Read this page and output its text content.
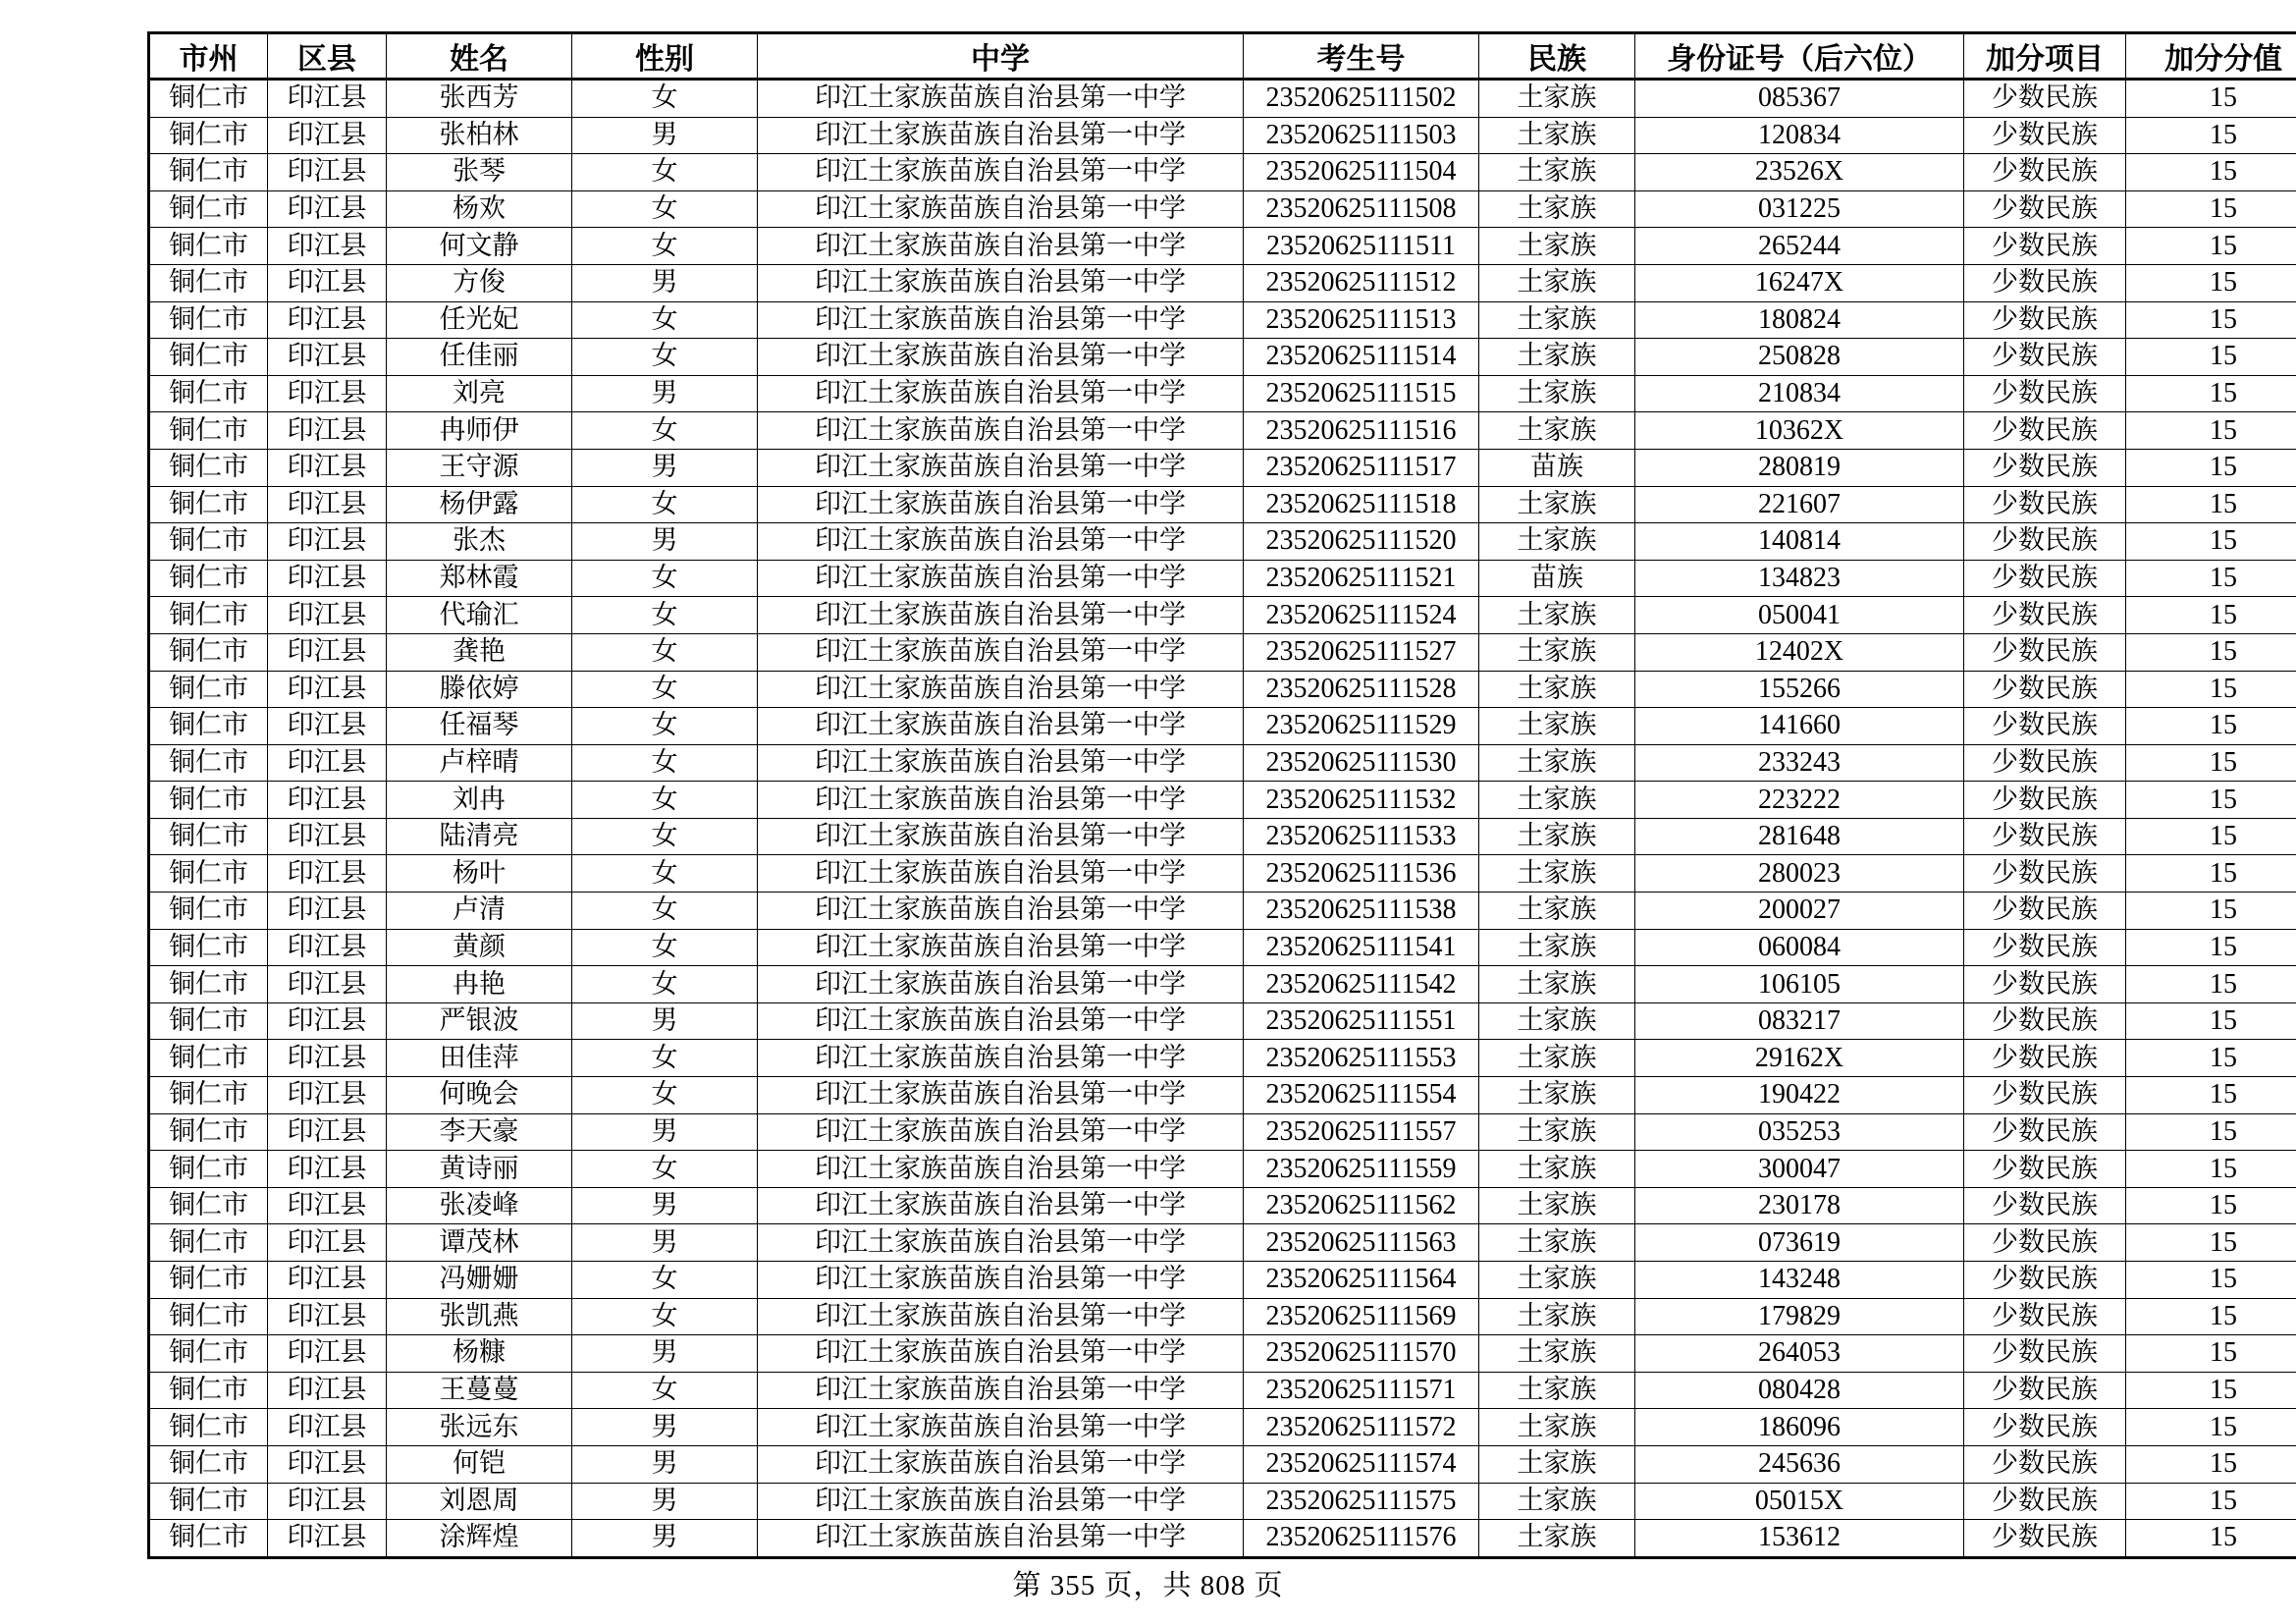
市州	区县	姓名	性别	中学	考生号	民族	身份证号（后六位）	加分项目	加分分值
铜仁市	印江县	张西芳	女	印江土家族苗族自治县第一中学	23520625111502	土家族	085367	少数民族	15
铜仁市	印江县	张柏林	男	印江土家族苗族自治县第一中学	23520625111503	土家族	120834	少数民族	15
铜仁市	印江县	张琴	女	印江土家族苗族自治县第一中学	23520625111504	土家族	23526X	少数民族	15
铜仁市	印江县	杨欢	女	印江土家族苗族自治县第一中学	23520625111508	土家族	031225	少数民族	15
铜仁市	印江县	何文静	女	印江土家族苗族自治县第一中学	23520625111511	土家族	265244	少数民族	15
铜仁市	印江县	方俊	男	印江土家族苗族自治县第一中学	23520625111512	土家族	16247X	少数民族	15
铜仁市	印江县	任光妃	女	印江土家族苗族自治县第一中学	23520625111513	土家族	180824	少数民族	15
铜仁市	印江县	任佳丽	女	印江土家族苗族自治县第一中学	23520625111514	土家族	250828	少数民族	15
铜仁市	印江县	刘亮	男	印江土家族苗族自治县第一中学	23520625111515	土家族	210834	少数民族	15
铜仁市	印江县	冉师伊	女	印江土家族苗族自治县第一中学	23520625111516	土家族	10362X	少数民族	15
铜仁市	印江县	王守源	男	印江土家族苗族自治县第一中学	23520625111517	苗族	280819	少数民族	15
铜仁市	印江县	杨伊露	女	印江土家族苗族自治县第一中学	23520625111518	土家族	221607	少数民族	15
铜仁市	印江县	张杰	男	印江土家族苗族自治县第一中学	23520625111520	土家族	140814	少数民族	15
铜仁市	印江县	郑林霞	女	印江土家族苗族自治县第一中学	23520625111521	苗族	134823	少数民族	15
铜仁市	印江县	代瑜汇	女	印江土家族苗族自治县第一中学	23520625111524	土家族	050041	少数民族	15
铜仁市	印江县	龚艳	女	印江土家族苗族自治县第一中学	23520625111527	土家族	12402X	少数民族	15
铜仁市	印江县	滕依婷	女	印江土家族苗族自治县第一中学	23520625111528	土家族	155266	少数民族	15
铜仁市	印江县	任福琴	女	印江土家族苗族自治县第一中学	23520625111529	土家族	141660	少数民族	15
铜仁市	印江县	卢梓晴	女	印江土家族苗族自治县第一中学	23520625111530	土家族	233243	少数民族	15
铜仁市	印江县	刘冉	女	印江土家族苗族自治县第一中学	23520625111532	土家族	223222	少数民族	15
铜仁市	印江县	陆清亮	女	印江土家族苗族自治县第一中学	23520625111533	土家族	281648	少数民族	15
铜仁市	印江县	杨叶	女	印江土家族苗族自治县第一中学	23520625111536	土家族	280023	少数民族	15
铜仁市	印江县	卢清	女	印江土家族苗族自治县第一中学	23520625111538	土家族	200027	少数民族	15
铜仁市	印江县	黄颜	女	印江土家族苗族自治县第一中学	23520625111541	土家族	060084	少数民族	15
铜仁市	印江县	冉艳	女	印江土家族苗族自治县第一中学	23520625111542	土家族	106105	少数民族	15
铜仁市	印江县	严银波	男	印江土家族苗族自治县第一中学	23520625111551	土家族	083217	少数民族	15
铜仁市	印江县	田佳萍	女	印江土家族苗族自治县第一中学	23520625111553	土家族	29162X	少数民族	15
铜仁市	印江县	何晚会	女	印江土家族苗族自治县第一中学	23520625111554	土家族	190422	少数民族	15
铜仁市	印江县	李天豪	男	印江土家族苗族自治县第一中学	23520625111557	土家族	035253	少数民族	15
铜仁市	印江县	黄诗丽	女	印江土家族苗族自治县第一中学	23520625111559	土家族	300047	少数民族	15
铜仁市	印江县	张凌峰	男	印江土家族苗族自治县第一中学	23520625111562	土家族	230178	少数民族	15
铜仁市	印江县	谭茂林	男	印江土家族苗族自治县第一中学	23520625111563	土家族	073619	少数民族	15
铜仁市	印江县	冯姗姗	女	印江土家族苗族自治县第一中学	23520625111564	土家族	143248	少数民族	15
铜仁市	印江县	张凯燕	女	印江土家族苗族自治县第一中学	23520625111569	土家族	179829	少数民族	15
铜仁市	印江县	杨糠	男	印江土家族苗族自治县第一中学	23520625111570	土家族	264053	少数民族	15
铜仁市	印江县	王蔓蔓	女	印江土家族苗族自治县第一中学	23520625111571	土家族	080428	少数民族	15
铜仁市	印江县	张远东	男	印江土家族苗族自治县第一中学	23520625111572	土家族	186096	少数民族	15
铜仁市	印江县	何铠	男	印江土家族苗族自治县第一中学	23520625111574	土家族	245636	少数民族	15
铜仁市	印江县	刘恩周	男	印江土家族苗族自治县第一中学	23520625111575	土家族	05015X	少数民族	15
铜仁市	印江县	涂辉煌	男	印江土家族苗族自治县第一中学	23520625111576	土家族	153612	少数民族	15
第 355 页，共 808 页
